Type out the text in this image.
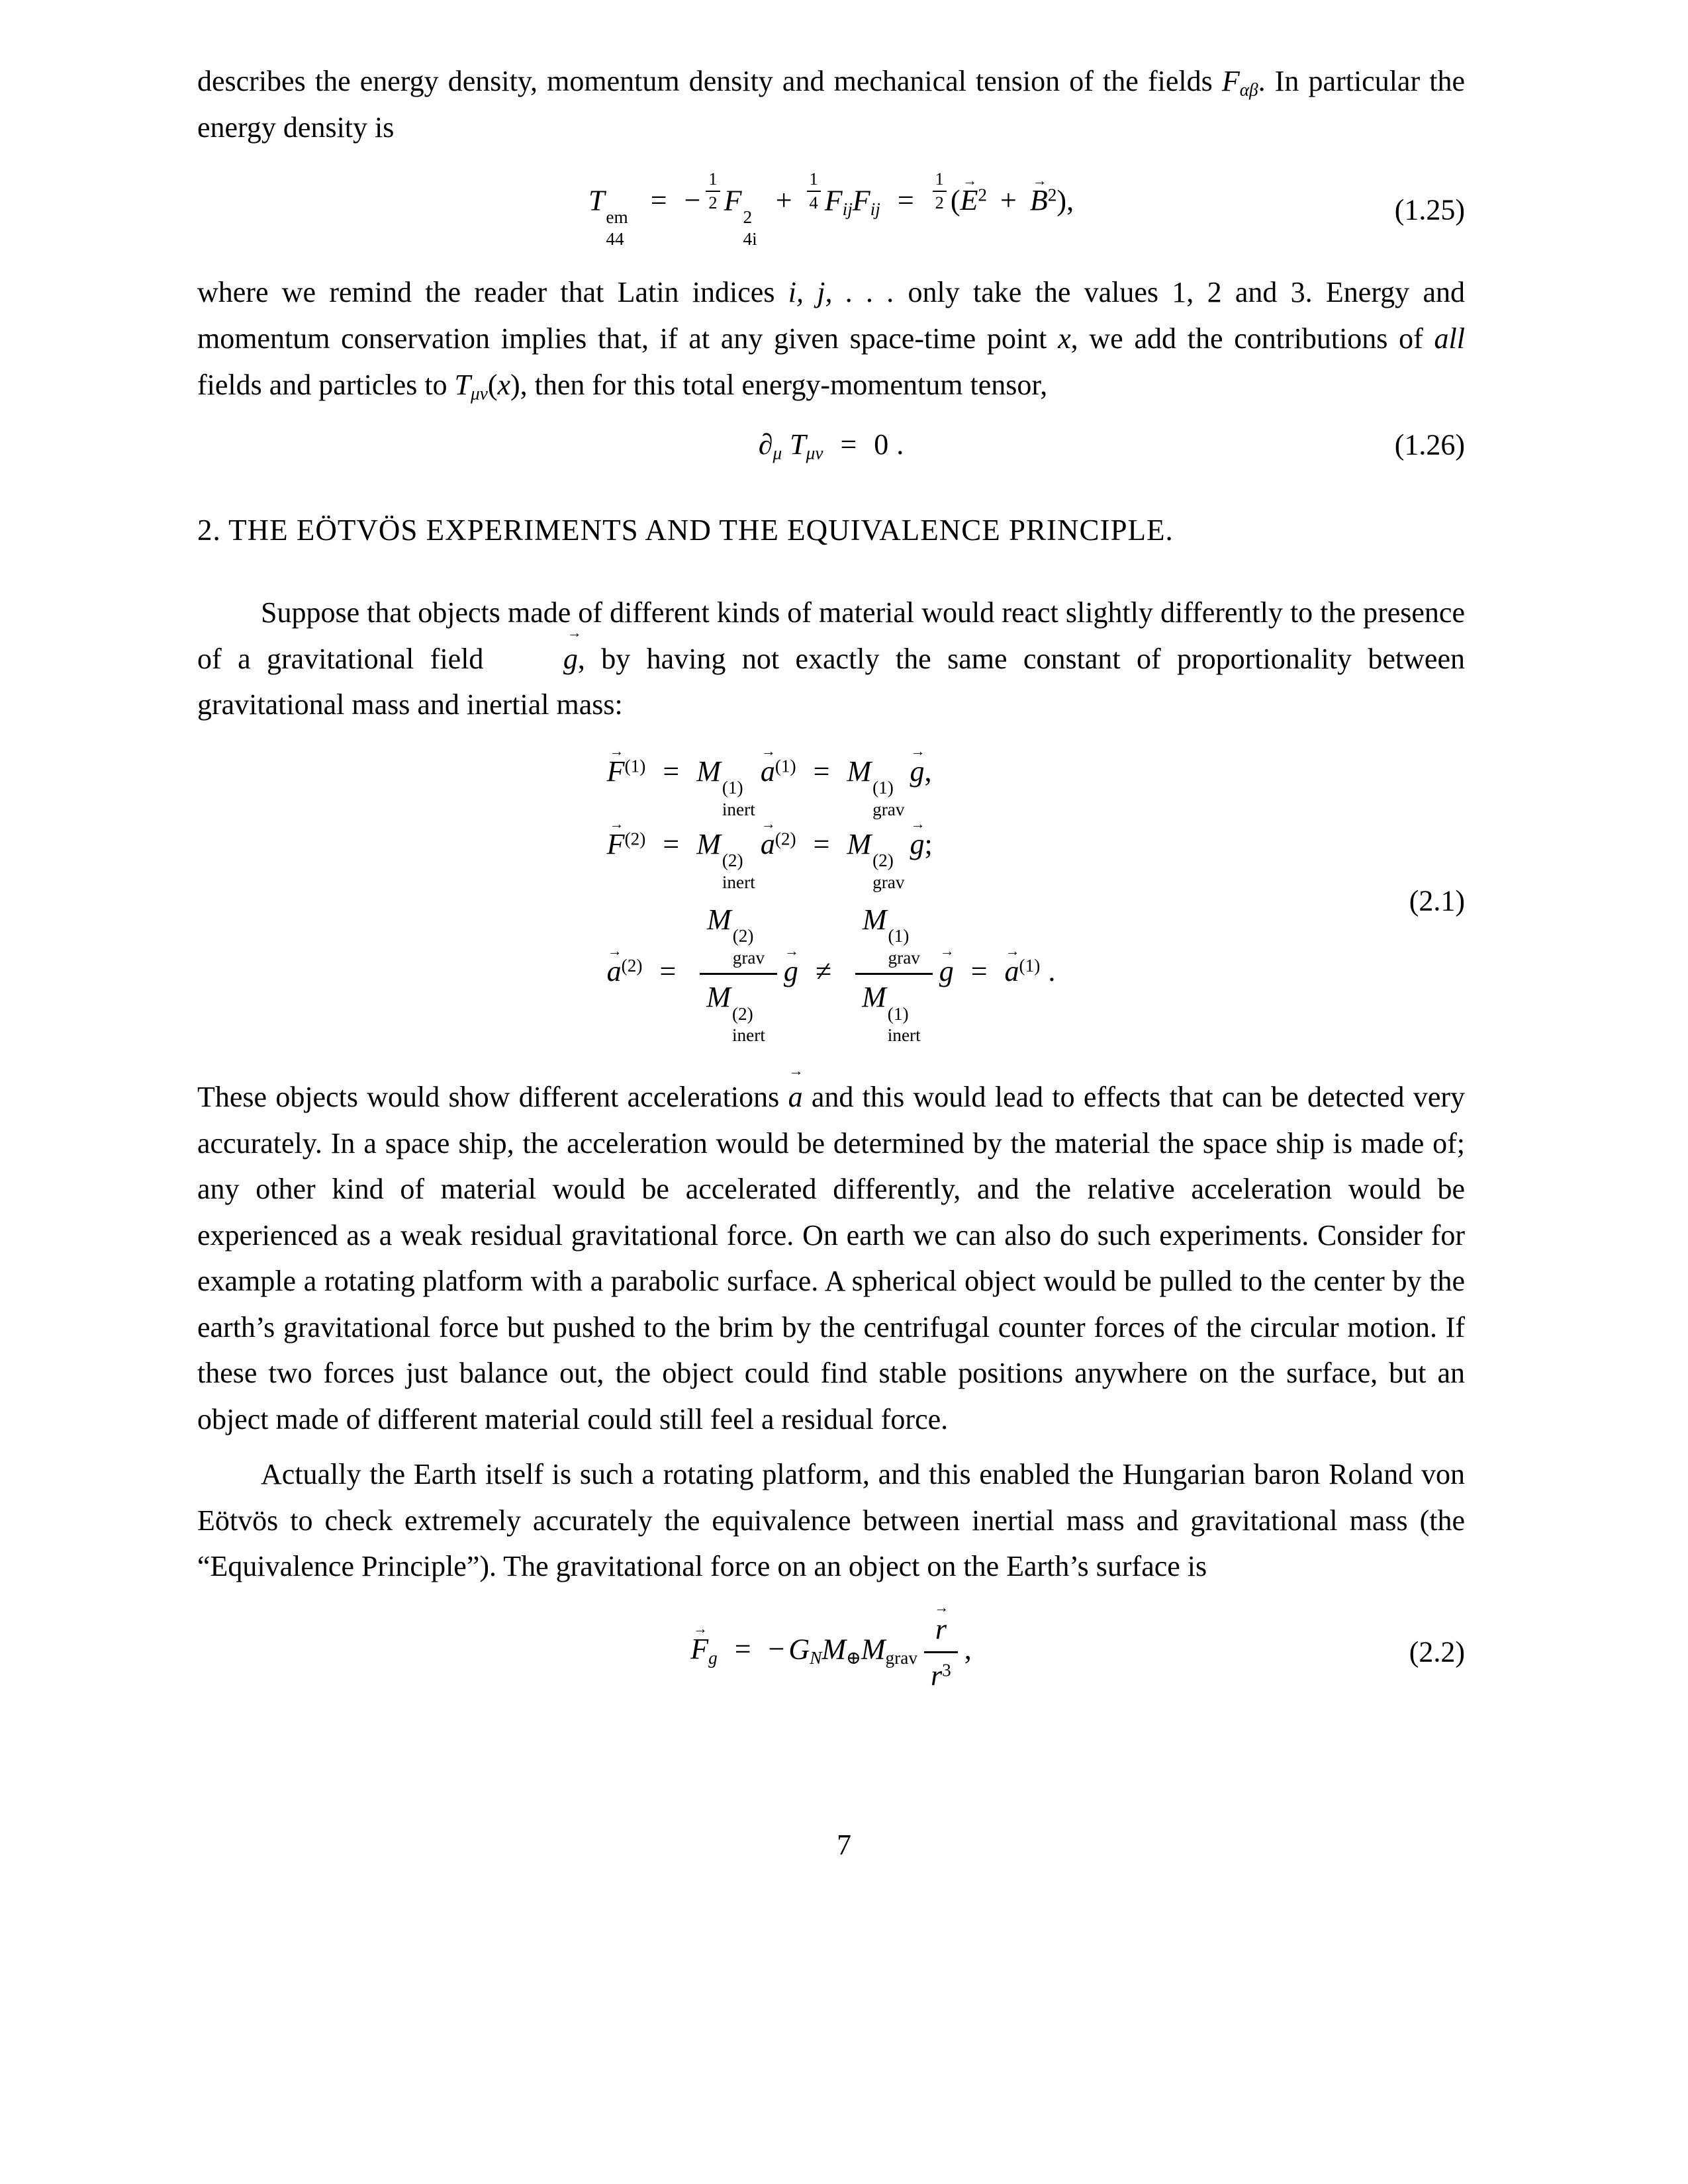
describes the energy density, momentum density and mechanical tension of the fields $F_{\alpha\beta}$. In particular the energy density is

T
em
44
= − $\frac{1}{2}$ F
2
4i
+ $\frac{1}{4} F_{ij}F_{ij} = \frac{1}{2} (E \to^2 + B \to^2)$,	(1.25)

where we remind the reader that Latin indices i, j, . . . only take the values 1, 2 and 3. Energy and momentum conservation implies that, if at any given space-time point x, we add the contributions of all fields and particles to $T_{\mu\nu}(x)$, then for this total energy-momentum tensor,

$\partial_\mu$ $T_{\mu\nu} = 0$ .	(1.26)
2. THE EÖTVÖS EXPERIMENTS AND THE EQUIVALENCE PRINCIPLE.

Suppose that objects made of different kinds of material would react slightly differently to the presence of a gravitational field g →, by having not exactly the same constant of proportionality between gravitational mass and inertial mass:

F →$^{(1)}$ = M
(1)
inert
a →$^{(1)}$ = M
(1)
grav
g →,
F →$^{(2)}$ = M
(2)
inert
a →$^{(2)}$ = M
(2)
grav
g →;
a →$^{(2)}$ = M
(2)
grav
M
(2)
inert g → ≠ M
(1)
grav
M
(1)
inert g → = a →$^{(1)}$ .
(2.1)

These objects would show different accelerations a → and this would lead to effects that can be detected very accurately. In a space ship, the acceleration would be determined by the material the space ship is made of; any other kind of material would be accelerated differently, and the relative acceleration would be experienced as a weak residual gravitational force. On earth we can also do such experiments. Consider for example a rotating platform with a parabolic surface. A spherical object would be pulled to the center by the earth’s gravitational force but pushed to the brim by the centrifugal counter forces of the circular motion. If these two forces just balance out, the object could find stable positions anywhere on the surface, but an object made of different material could still feel a residual force.

Actually the Earth itself is such a rotating platform, and this enabled the Hungarian baron Roland von Eötvös to check extremely accurately the equivalence between inertial mass and gravitational mass (the “Equivalence Principle”). The gravitational force on an object on the Earth’s surface is

$F \to_g$ = − $G_NM_\oplus M_{grav} \frac{r \to}{r^3}$ ,	(2.2)
7
